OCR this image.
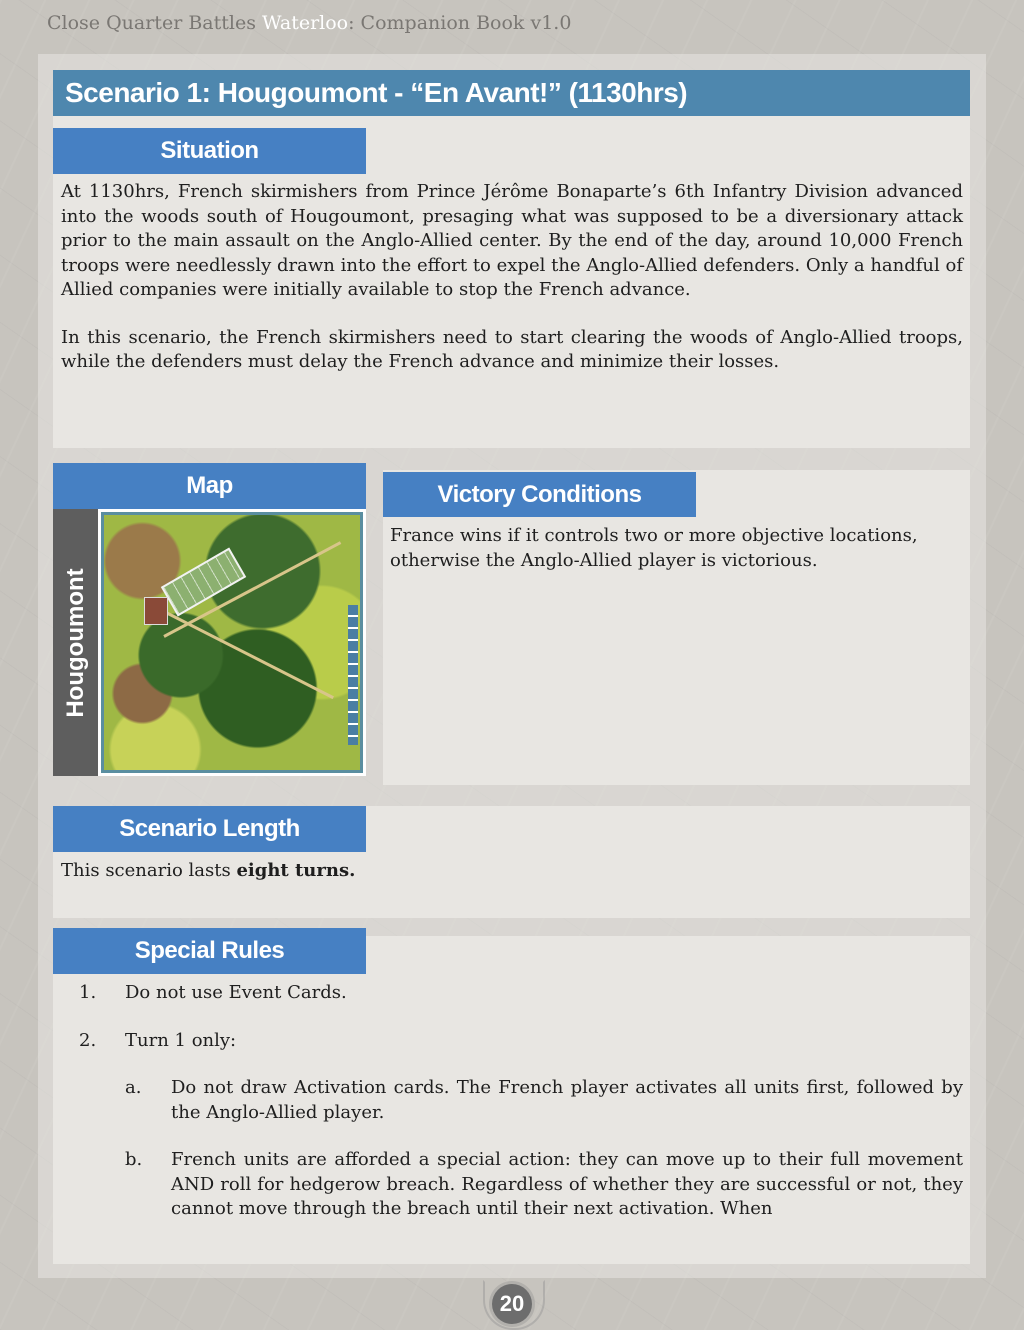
Close Quarter Battles Waterloo: Companion Book v1.0
Scenario 1: Hougoumont - “En Avant!” (1130hrs)
Situation

At 1130hrs, French skirmishers from Prince Jérôme Bonaparte’s 6th Infantry Division advanced into the woods south of Hougoumont, presaging what was supposed to be a diversionary attack prior to the main assault on the Anglo-Allied center. By the end of the day, around 10,000 French troops were needlessly drawn into the effort to expel the Anglo-Allied defenders. Only a handful of Allied companies were initially available to stop the French advance.

In this scenario, the French skirmishers need to start clearing the woods of Anglo-Allied troops, while the defenders must delay the French advance and minimize their losses.

Map
Hougoumont
Victory Conditions
France wins if it controls two or more objective locations, otherwise the Anglo-Allied player is victorious.
Scenario Length
This scenario lasts eight turns.
Special Rules
1. Do not use Event Cards.
2. Turn 1 only:
a. Do not draw Activation cards. The French player activates all units first, followed by the Anglo-Allied player.
b. French units are afforded a special action: they can move up to their full movement AND roll for hedgerow breach. Regardless of whether they are successful or not, they cannot move through the breach until their next activation. When
20
